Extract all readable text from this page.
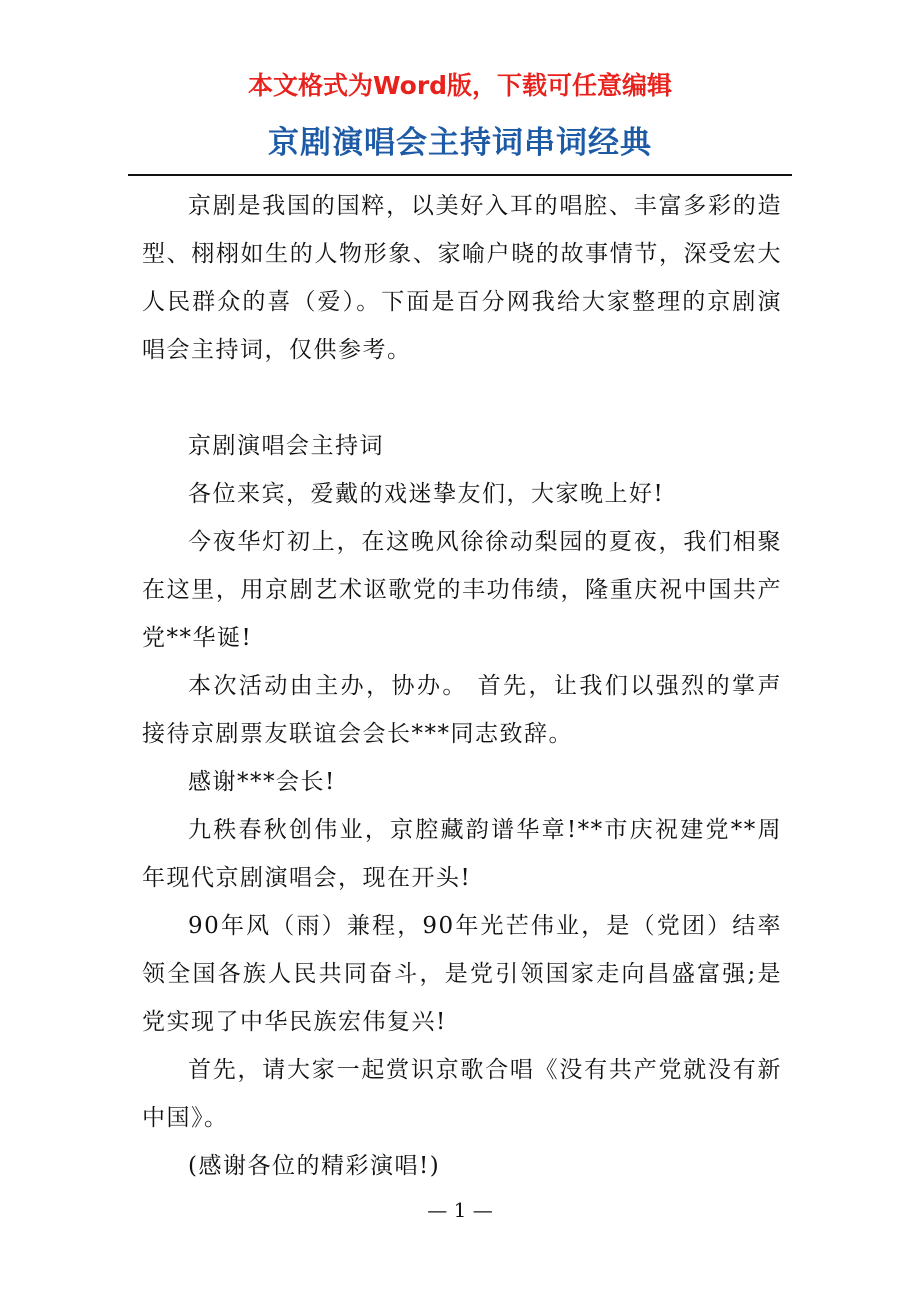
本文格式为Word版，下载可任意编辑
京剧演唱会主持词串词经典

京剧是我国的国粹，以美好入耳的唱腔、丰富多彩的造型、栩栩如生的人物形象、家喻户晓的故事情节，深受宏大人民群众的喜（爱）。下面是百分网我给大家整理的京剧演唱会主持词，仅供参考。

京剧演唱会主持词

各位来宾，爱戴的戏迷挚友们，大家晚上好!

今夜华灯初上，在这晚风徐徐动梨园的夏夜，我们相聚在这里，用京剧艺术讴歌党的丰功伟绩，隆重庆祝中国共产党**华诞!

本次活动由主办，协办。 首先，让我们以强烈的掌声接待京剧票友联谊会会长***同志致辞。

感谢***会长!

九秩春秋创伟业，京腔藏韵谱华章!**市庆祝建党**周年现代京剧演唱会，现在开头!

90年风（雨）兼程，90年光芒伟业，是（党团）结率领全国各族人民共同奋斗，是党引领国家走向昌盛富强;是党实现了中华民族宏伟复兴!

首先，请大家一起赏识京歌合唱《没有共产党就没有新中国》。

(感谢各位的精彩演唱!)

— 1 —
